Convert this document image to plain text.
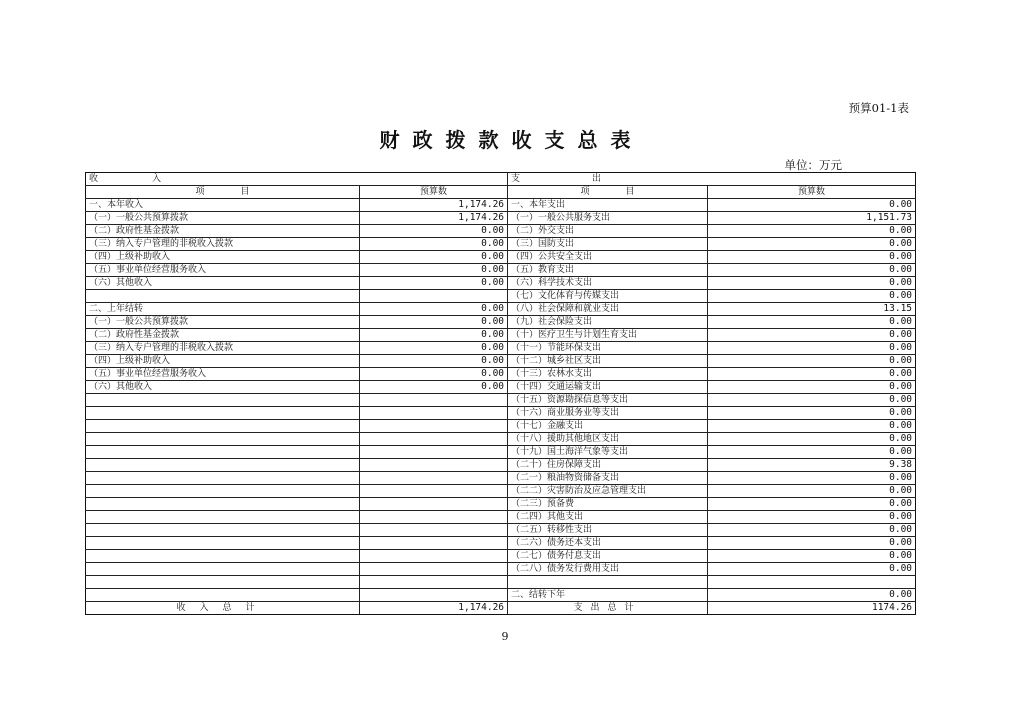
预算01-1表
财政拨款收支总表
单位：万元
收　　　　　　入		支　　　　　　　　出	
项　　　　目	预算数	项　　　　目	预算数
一、本年收入	1,174.26	一、本年支出	0.00
（一）一般公共预算拨款	1,174.26	（一）一般公共服务支出	1,151.73
（二）政府性基金拨款	0.00	（二）外交支出	0.00
（三）纳入专户管理的非税收入拨款	0.00	（三）国防支出	0.00
（四）上级补助收入	0.00	（四）公共安全支出	0.00
（五）事业单位经营服务收入	0.00	（五）教育支出	0.00
（六）其他收入	0.00	（六）科学技术支出	0.00
		（七）文化体育与传媒支出	0.00
二、上年结转	0.00	（八）社会保障和就业支出	13.15
（一）一般公共预算拨款	0.00	（九）社会保险支出	0.00
（二）政府性基金拨款	0.00	（十）医疗卫生与计划生育支出	0.00
（三）纳入专户管理的非税收入拨款	0.00	（十一）节能环保支出	0.00
（四）上级补助收入	0.00	（十二）城乡社区支出	0.00
（五）事业单位经营服务收入	0.00	（十三）农林水支出	0.00
（六）其他收入	0.00	（十四）交通运输支出	0.00
		（十五）资源勘探信息等支出	0.00
		（十六）商业服务业等支出	0.00
		（十七）金融支出	0.00
		（十八）援助其他地区支出	0.00
		（十九）国土海洋气象等支出	0.00
		（二十）住房保障支出	9.38
		（二一）粮油物资储备支出	0.00
		（二二）灾害防治及应急管理支出	0.00
		（二三）预备费	0.00
		（二四）其他支出	0.00
		（二五）转移性支出	0.00
		（二六）债务还本支出	0.00
		（二七）债务付息支出	0.00
		（二八）债务发行费用支出	0.00

		二、结转下年	0.00
收入总计	1,174.26	支出总计	1174.26
9
